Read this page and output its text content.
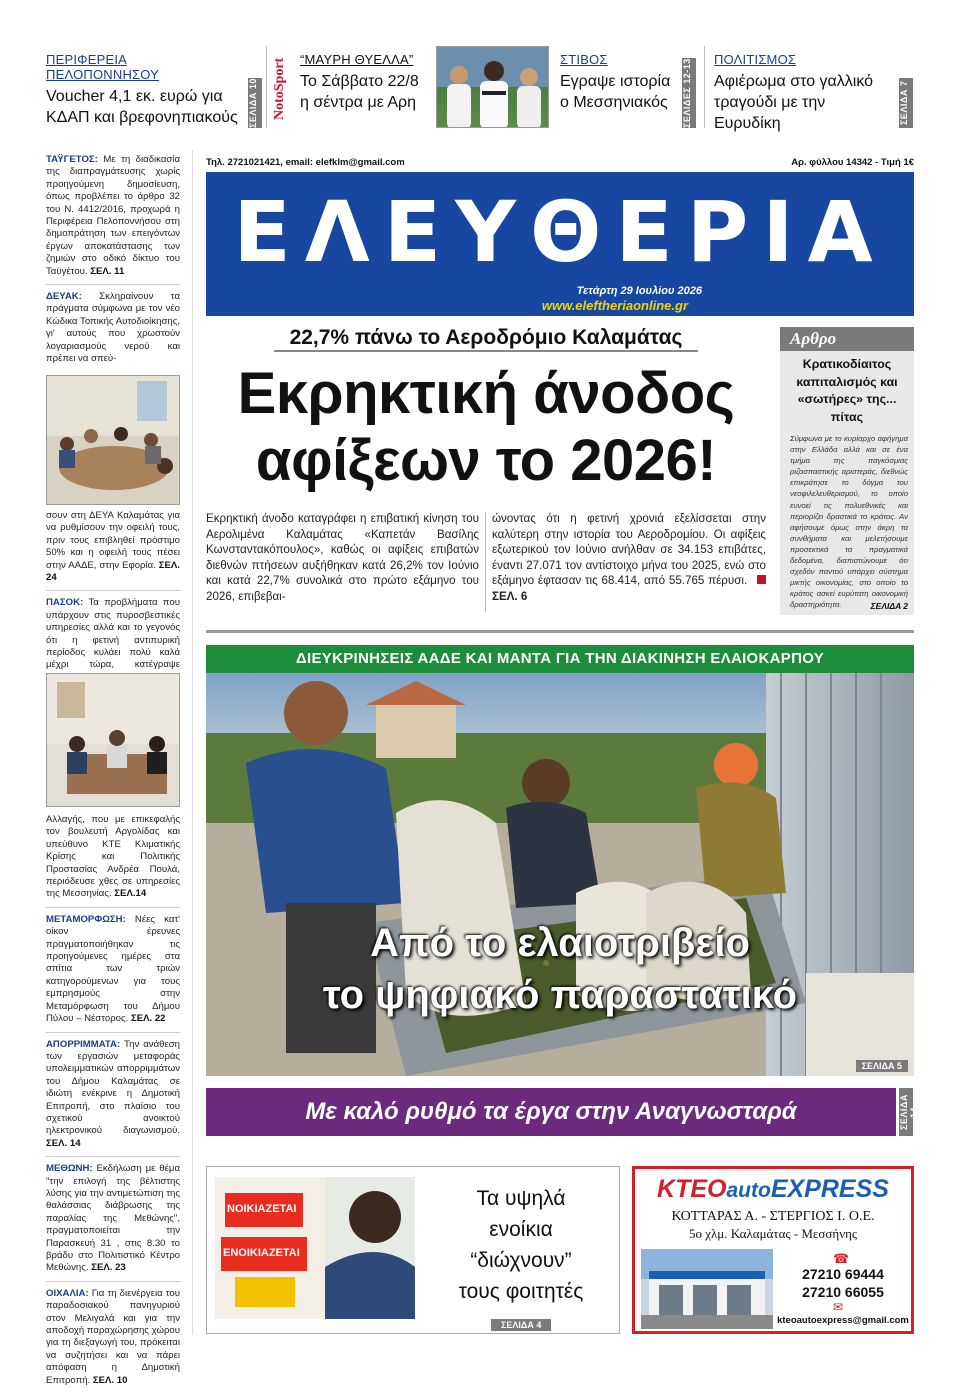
ΠΕΡΙΦΕΡΕΙΑ ΠΕΛΟΠΟΝΝΗΣΟΥ
Voucher 4,1 εκ. ευρώ για ΚΔΑΠ και βρεφονηπιακούς	ΣΕΛΙΔΑ 10 NotoSport “ΜΑΥΡΗ ΘΥΕΛΛΑ”
Το Σάββατο 22/8 η σέντρα με Αρη
ΣΤΙΒΟΣ
Εγραψε ιστορία ο Μεσσηνιακός	ΣΕΛΙΔΕΣ 12-13	ΠΟΛΙΤΙΣΜΟΣ
Αφιέρωμα στο γαλλικό τραγούδι με την Ευρυδίκη	ΣΕΛΙΔΑ 7

ΤΑΫΓΕΤΟΣ: Με τη διαδικασία της διαπραγμάτευσης χωρίς προηγούμενη δημοσίευση, όπως προβλέπει το άρθρο 32 του Ν. 4412/2016, προχωρά η Περιφέρεια Πελοποννήσου στη δημοπράτηση των επειγόντων έργων αποκατάστασης των ζημιών στο οδικό δίκτυο του Ταϋγέτου. ΣΕΛ. 11

ΔΕΥΑΚ: Σκληραίνουν τα πράγματα σύμφωνα με τον νέο Κώδικα Τοπικής Αυτοδιοίκησης, γι' αυτούς που χρωστούν λογαριασμούς νερού και πρέπει να σπεύ-

σουν στη ΔΕΥΑ Καλαμάτας για να ρυθμίσουν την οφειλή τους, πριν τους επιβληθεί πρόστιμο 50% και η οφειλή τους πέσει στην ΑΑΔΕ, στην Εφορία. ΣΕΛ. 24

ΠΑΣΟΚ: Τα προβλήματα που υπάρχουν στις πυροσβεστικές υπηρεσίες αλλά και το γεγονός ότι η φετινή αντιπυρική περίοδος κυλάει πολύ καλά μέχρι τώρα, κατέγραψε

Αλλαγής, που με επικεφαλής τον βουλευτή Αργολίδας και υπεύθυνο ΚΤΕ Κλιματικής Κρίσης και Πολιτικής Προστασίας Ανδρέα Πουλά, περιόδευσε χθες σε υπηρεσίες της Μεσσηνίας. ΣΕΛ.14

ΜΕΤΑΜΟΡΦΩΣΗ: Νέες κατ' οίκον έρευνες πραγματοποιήθηκαν τις προηγούμενες ημέρες στα σπίτια των τριών κατηγορούμενων για τους εμπρησμούς στην Μεταμόρφωση του Δήμου Πύλου – Νέστορος. ΣΕΛ. 22

ΑΠΟΡΡΙΜΜΑΤΑ: Την ανάθεση των εργασιών μεταφοράς υπολειμματικών απορριμμάτων του Δήμου Καλαμάτας σε ιδιώτη ενέκρινε η Δημοτική Επιτροπή, στο πλαίσιο του σχετικού ανοικτού ηλεκτρονικού διαγωνισμού. ΣΕΛ. 14

ΜΕΘΩΝΗ: Εκδήλωση με θέμα "την επιλογή της βέλτιστης λύσης για την αντιμετώπιση της θαλάσσιας διάβρωσης της παραλίας της Μεθώνης", πραγματοποιείται την Παρασκευή 31 , στις 8.30 το βράδυ στο Πολιτιστικό Κέντρο Μεθώνης. ΣΕΛ. 23

ΟΙΧΑΛΙΑ: Για τη διενέργεια του παραδοσιακού πανηγυριού στον Μελιγαλά και για την αποδοχή παραχώρησης χώρου για τη διεξαγωγή του, πρόκειται να συζητήσει και να πάρει απόφαση η Δημοτική Επιτροπή. ΣΕΛ. 10

Τηλ. 2721021421, email: elefklm@gmail.com	Αρ. φύλλου 14342 - Τιμή 1€
ΕΛΕΥΘΕΡΙΑ
Τετάρτη 29 Ιουλίου 2026
www.eleftheriaonline.gr
22,7% πάνω το Αεροδρόμιο Καλαμάτας
Εκρηκτική άνοδος
αφίξεων το 2026!
Εκρηκτική άνοδο καταγράφει η επιβατική κίνηση του Αερολιμένα Καλαμάτας «Καπετάν Βασίλης Κωνσταντακόπουλος», καθώς οι αφίξεις επιβατών διεθνών πτήσεων αυξήθηκαν κατά 26,2% τον Ιούνιο και κατά 22,7% συνολικά στο πρώτο εξάμηνο του 2026, επιβεβαι-
ώνοντας ότι η φετινή χρονιά εξελίσσεται στην καλύτερη στην ιστορία του Αεροδρομίου. Οι αφίξεις εξωτερικού τον Ιούνιο ανήλθαν σε 34.153 επιβάτες, έναντι 27.071 τον αντίστοιχο μήνα του 2025, ενώ στο εξάμηνο έφτασαν τις 68.414, από 55.765 πέρυσι.  ΣΕΛ. 6
Αρθρο
Κρατικοδίαιτος καπιταλισμός και «σωτήρες» της... πίτας
Σύμφωνα με το κυρίαρχο αφήγημα στην Ελλάδα αλλά και σε ένα τμήμα της παγκόσμιας ριζοσπαστικής αριστεράς, διεθνώς επικράτησε το δόγμα του νεοφιλελευθερισμού, το οποίο ευνοεί τις πολυεθνικές και περιορίζει δραστικά το κράτος. Αν αφήσουμε όμως στην άκρη τα συνθήματα και μελετήσουμε προσεκτικά τα πραγματικά δεδομένα, διαπιστώνουμε ότι σχεδόν παντού υπάρχει σύστημα μικτής οικονομίας, στο οποίο το κράτος ασκεί ευρύτατη οικονομική δραστηριότητα.	ΣΕΛΙΔΑ 2
ΔΙΕΥΚΡΙΝΗΣΕΙΣ ΑΑΔΕ ΚΑΙ ΜΑΝΤΑ ΓΙΑ ΤΗΝ ΔΙΑΚΙΝΗΣΗ ΕΛΑΙΟΚΑΡΠΟΥ
Από το ελαιοτριβείο
το ψηφιακό παραστατικό
ΣΕΛΙΔΑ 5
Με καλό ρυθμό τα έργα στην Αναγνωσταρά	ΣΕΛΙΔΑ 14
ΝΟΙΚΙΑΖΕΤΑΙ
ΕΝΟΙΚΙΑΖΕΤΑΙ
Τα υψηλά
ενοίκια
“διώχνουν”
τους φοιτητές
ΣΕΛΙΔΑ 4
ΚΤΕΟautoEXPRESS
ΚΟΤΤΑΡΑΣ Α. - ΣΤΕΡΓΙΟΣ Ι. Ο.Ε.
5ο χλμ. Καλαμάτας - Μεσσήνης
☎
27210 69444
27210 66055
✉
kteoautoexpress@gmail.com
